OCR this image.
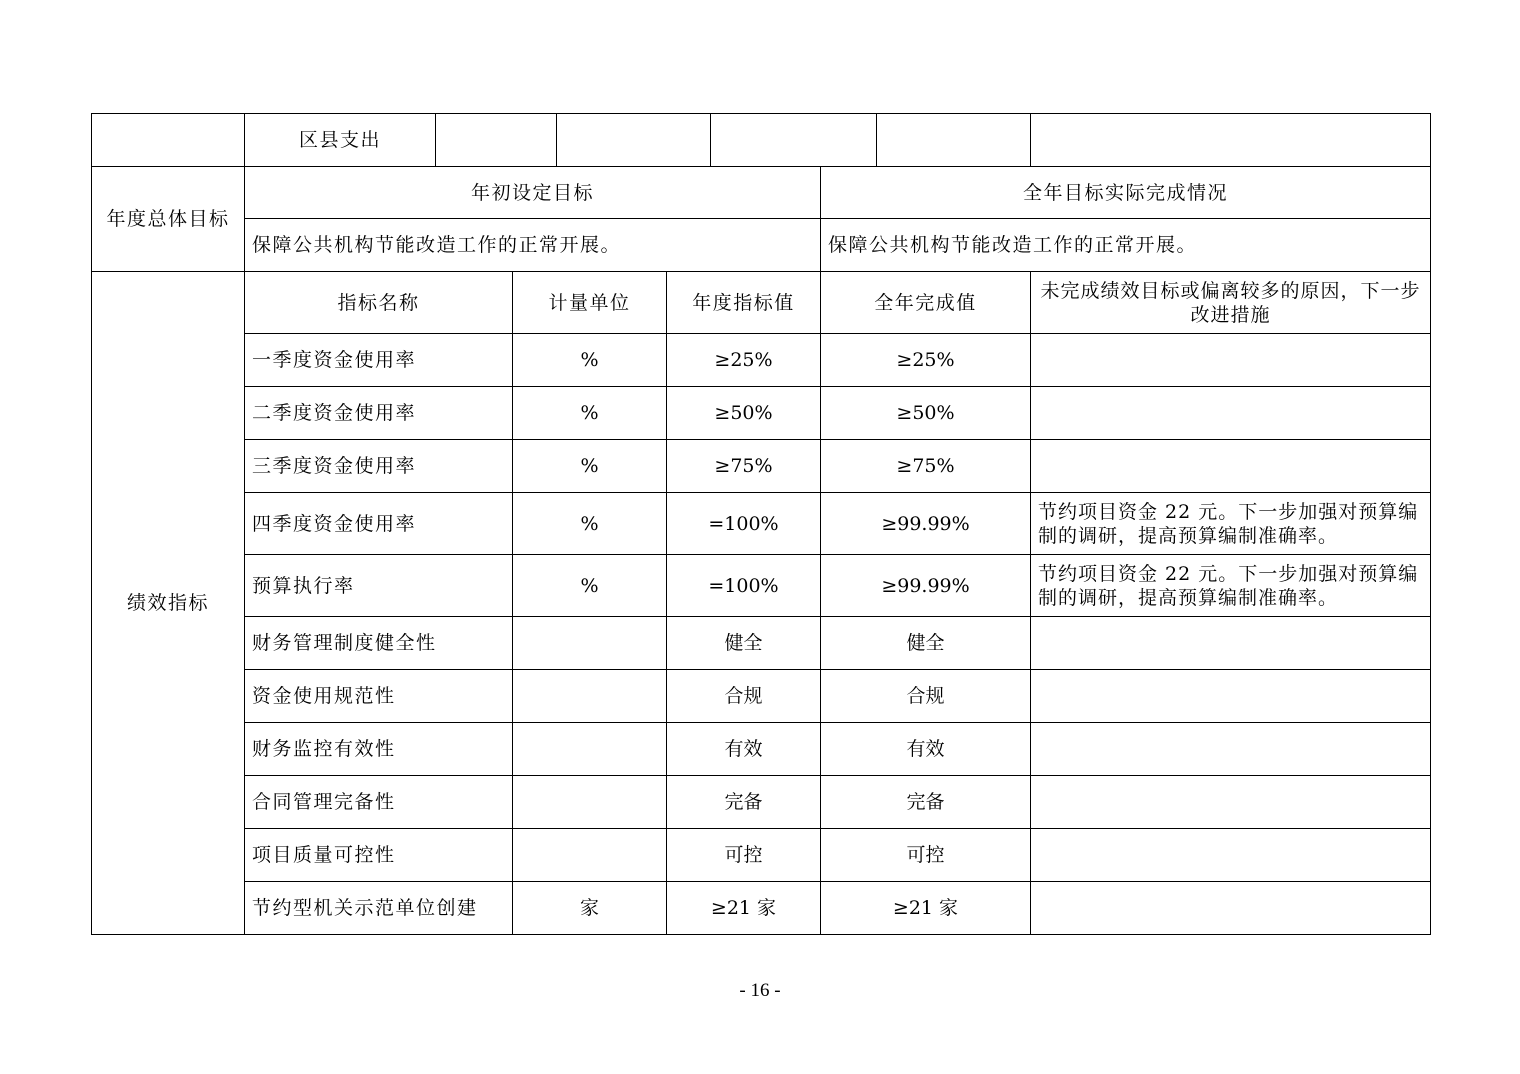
	区县支出								
年度总体目标	年初设定目标						全年目标实际完成情况		
	保障公共机构节能改造工作的正常开展。						保障公共机构节能改造工作的正常开展。		
绩效指标	指标名称		计量单位		年度指标值		全年完成值		未完成绩效目标或偏离较多的原因，下一步改进措施
	一季度资金使用率		%		≥25%		≥25%		
	二季度资金使用率		%		≥50%		≥50%		
	三季度资金使用率		%		≥75%		≥75%		
	四季度资金使用率		%		=100%		≥99.99%		节约项目资金 22 元。下一步加强对预算编制的调研，提高预算编制准确率。
	预算执行率		%		=100%		≥99.99%		节约项目资金 22 元。下一步加强对预算编制的调研，提高预算编制准确率。
	财务管理制度健全性				健全		健全		
	资金使用规范性				合规		合规		
	财务监控有效性				有效		有效		
	合同管理完备性				完备		完备		
	项目质量可控性				可控		可控		
	节约型机关示范单位创建		家		≥21 家		≥21 家		
- 16 -
